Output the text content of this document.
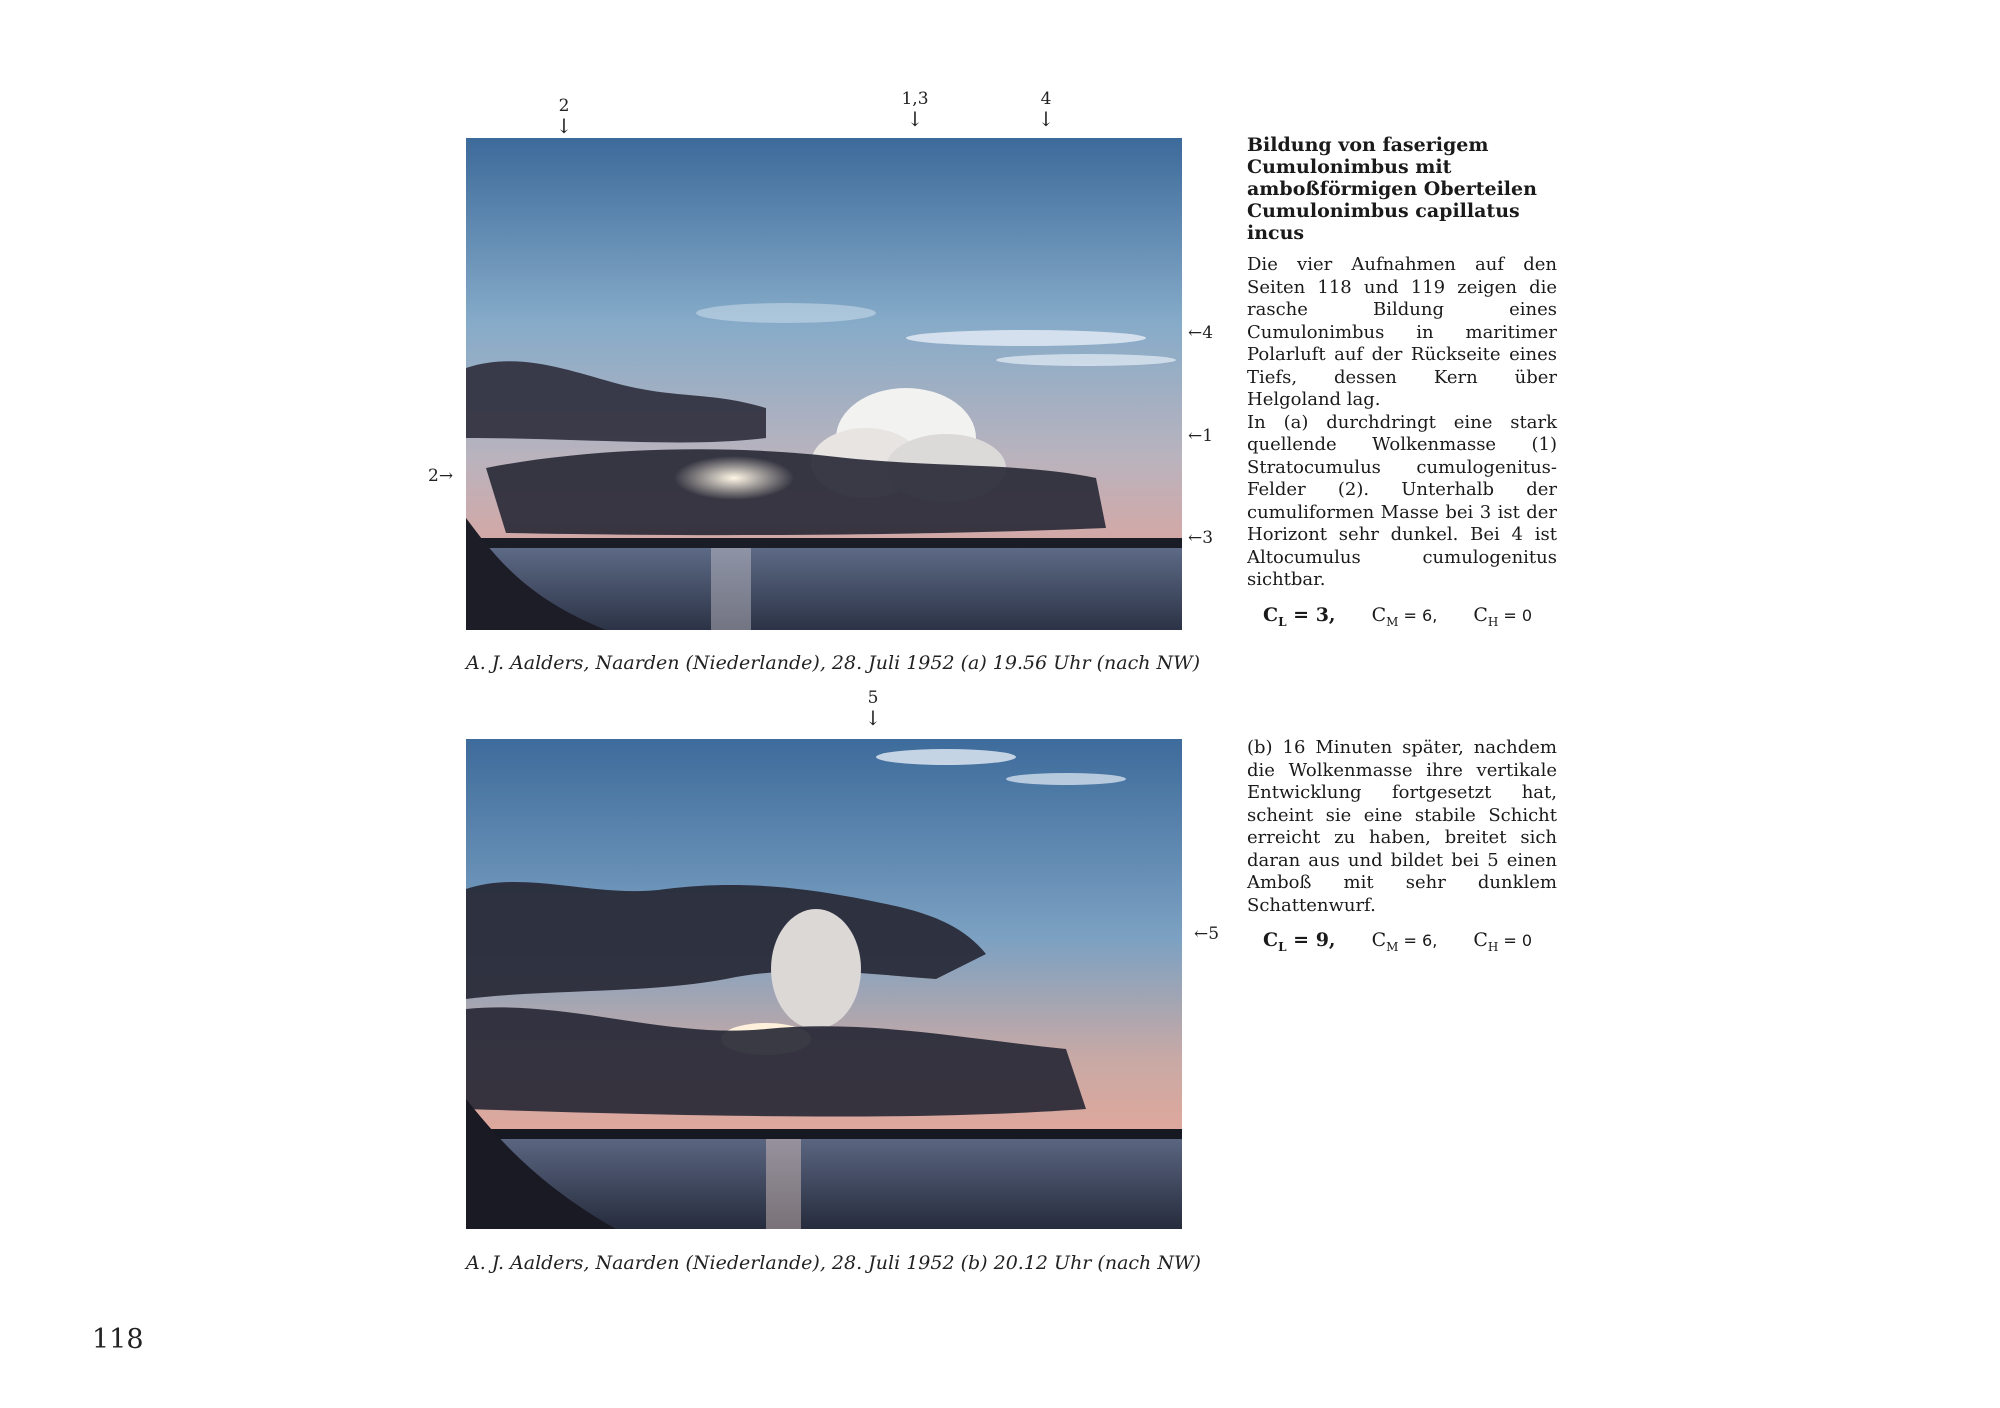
2
↓
1,3
↓
4
↓
2→
←4
←1
←3
A. J. Aalders, Naarden (Niederlande), 28. Juli 1952 (a) 19.56 Uhr (nach NW)
5
↓
←5
A. J. Aalders, Naarden (Niederlande), 28. Juli 1952 (b) 20.12 Uhr (nach NW)
Bildung von faserigem Cumulonimbus mit amboßförmigen Oberteilen
Cumulonimbus capillatus incus

Die vier Aufnahmen auf den Seiten 118 und 119 zeigen die rasche Bildung eines Cumulonimbus in maritimer Polarluft auf der Rückseite eines Tiefs, dessen Kern über Helgoland lag.

In (a) durchdringt eine stark quellende Wolkenmasse (1) Stratocumulus cumulogenitus-Felder (2). Unterhalb der cumuliformen Masse bei 3 ist der Horizont sehr dunkel. Bei 4 ist Altocumulus cumulogenitus sichtbar.

$C_L = 3$, $C_M = 6$, $C_H = 0$

(b) 16 Minuten später, nachdem die Wolkenmasse ihre vertikale Entwicklung fortgesetzt hat, scheint sie eine stabile Schicht erreicht zu haben, breitet sich daran aus und bildet bei 5 einen Amboß mit sehr dunklem Schattenwurf.

$C_L = 9$, $C_M = 6$, $C_H = 0$
118
